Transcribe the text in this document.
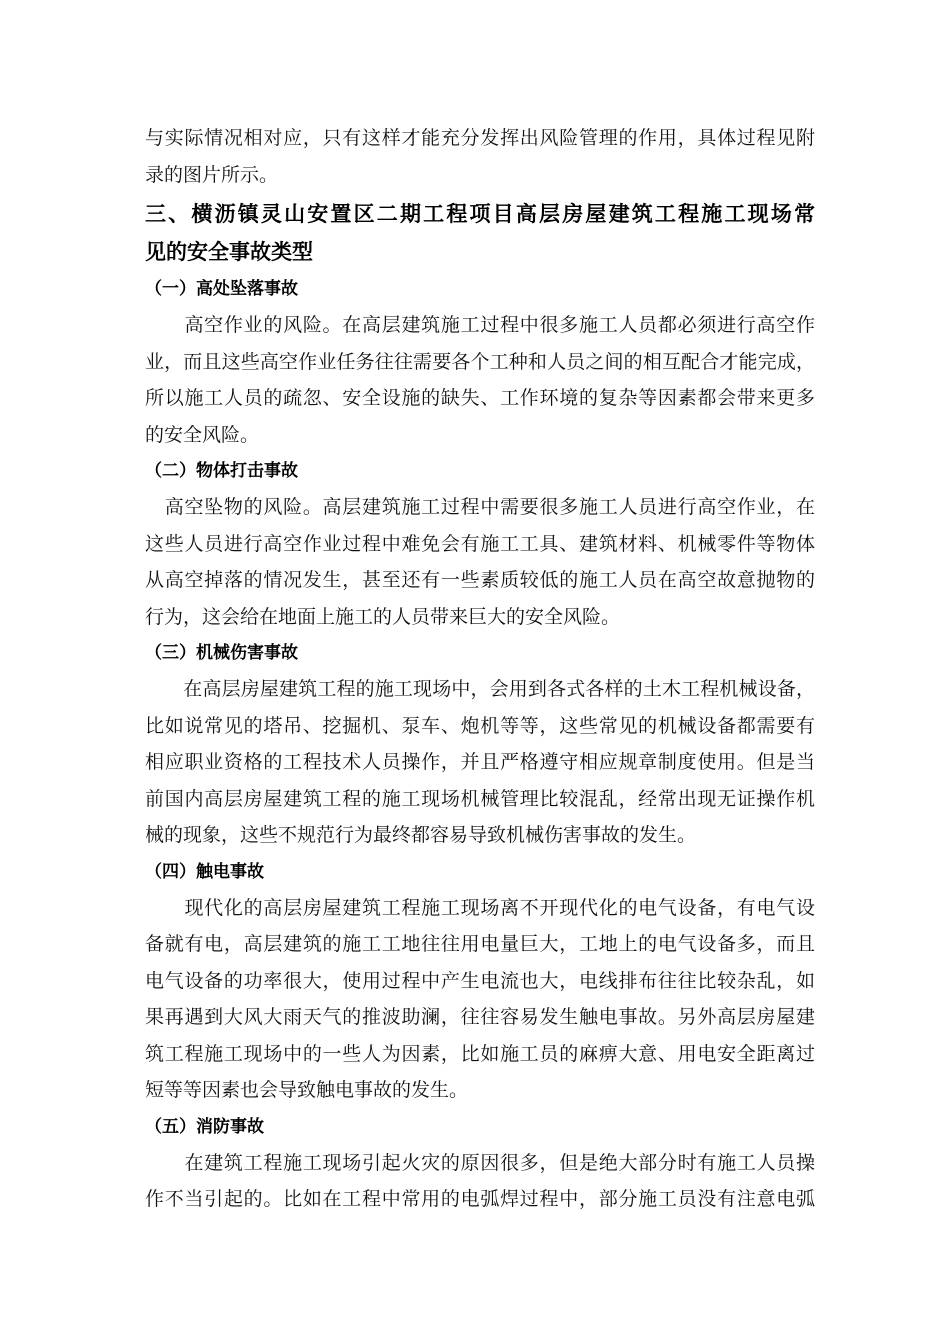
与实际情况相对应，只有这样才能充分发挥出风险管理的作用，具体过程见附
录的图片所示。
三、横沥镇灵山安置区二期工程项目高层房屋建筑工程施工现场常
见的安全事故类型
（一）高处坠落事故
　　高空作业的风险。在高层建筑施工过程中很多施工人员都必须进行高空作
业，而且这些高空作业任务往往需要各个工种和人员之间的相互配合才能完成，
所以施工人员的疏忽、安全设施的缺失、工作环境的复杂等因素都会带来更多
的安全风险。
（二）物体打击事故
　高空坠物的风险。高层建筑施工过程中需要很多施工人员进行高空作业，在
这些人员进行高空作业过程中难免会有施工工具、建筑材料、机械零件等物体
从高空掉落的情况发生，甚至还有一些素质较低的施工人员在高空故意抛物的
行为，这会给在地面上施工的人员带来巨大的安全风险。
（三）机械伤害事故
　　在高层房屋建筑工程的施工现场中，会用到各式各样的土木工程机械设备，
比如说常见的塔吊、挖掘机、泵车、炮机等等，这些常见的机械设备都需要有
相应职业资格的工程技术人员操作，并且严格遵守相应规章制度使用。但是当
前国内高层房屋建筑工程的施工现场机械管理比较混乱，经常出现无证操作机
械的现象，这些不规范行为最终都容易导致机械伤害事故的发生。
（四）触电事故
　　现代化的高层房屋建筑工程施工现场离不开现代化的电气设备，有电气设
备就有电，高层建筑的施工工地往往用电量巨大，工地上的电气设备多，而且
电气设备的功率很大，使用过程中产生电流也大，电线排布往往比较杂乱，如
果再遇到大风大雨天气的推波助澜，往往容易发生触电事故。另外高层房屋建
筑工程施工现场中的一些人为因素，比如施工员的麻痹大意、用电安全距离过
短等等因素也会导致触电事故的发生。
（五）消防事故
　　在建筑工程施工现场引起火灾的原因很多，但是绝大部分时有施工人员操
作不当引起的。比如在工程中常用的电弧焊过程中，部分施工员没有注意电弧
